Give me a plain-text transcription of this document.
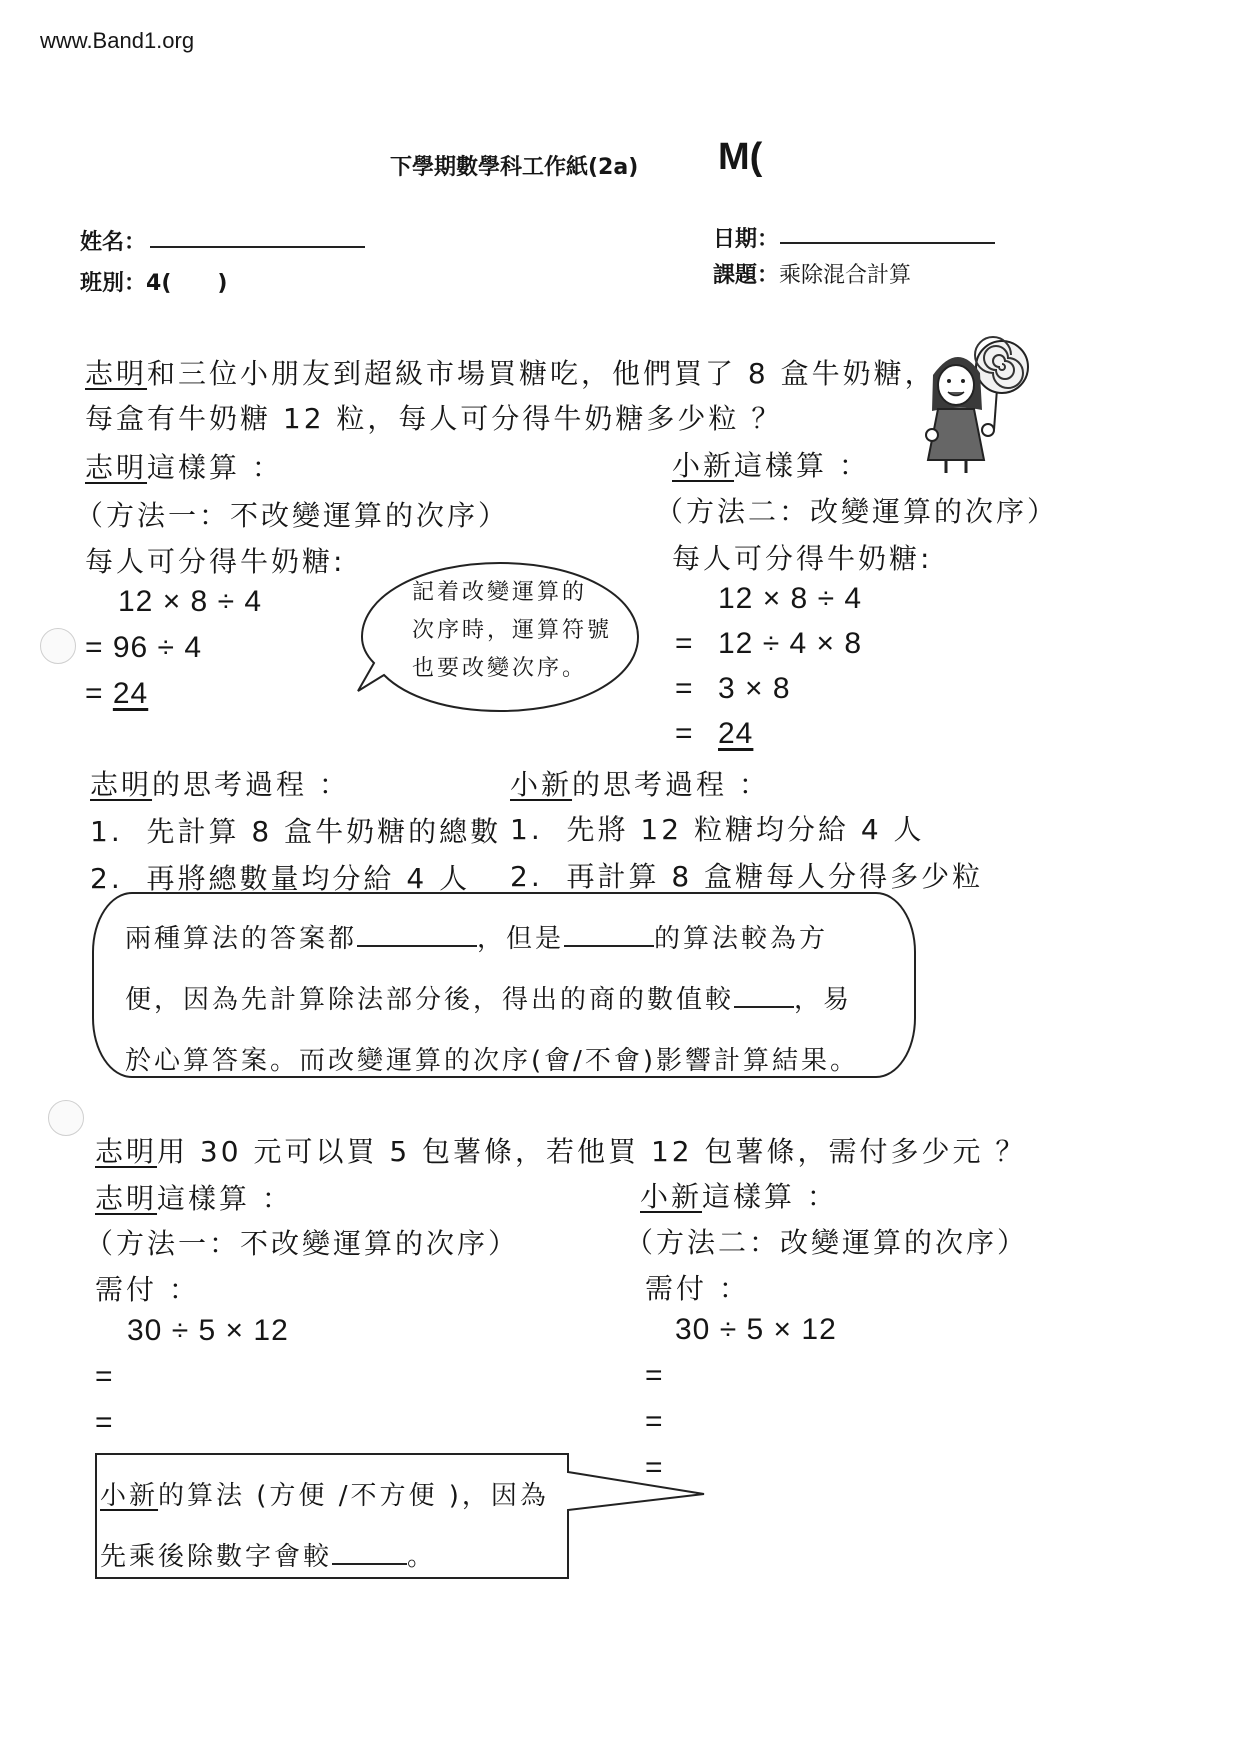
www.Band1.org
下學期數學科工作紙(2a) M(
姓名：
班別：4(      )
日期：
課題：乘除混合計算
志明和三位小朋友到超級市場買糖吃，他們買了 8 盒牛奶糖，
每盒有牛奶糖 12 粒，每人可分得牛奶糖多少粒 ？
志明這樣算 ：
（方法一：不改變運算的次序）
每人可分得牛奶糖:
12 × 8 ÷ 4
= 96 ÷ 4
= 24
記着改變運算的
次序時，運算符號
也要改變次序。
小新這樣算 ：
（方法二：改變運算的次序）
每人可分得牛奶糖:
12 × 8 ÷ 4
= 12 ÷ 4 × 8
= 3 × 8
= 24
志明的思考過程 ：
1.  先計算 8 盒牛奶糖的總數
2.  再將總數量均分給 4 人
小新的思考過程 ：
1.  先將 12 粒糖均分給 4 人
2.  再計算 8 盒糖每人分得多少粒
兩種算法的答案都	，但是	的算法較為方
便，因為先計算除法部分後，得出的商的數值較 ，易
於心算答案。而改變運算的次序(會/不會)影響計算結果。
志明用 30 元可以買 5 包薯條，若他買 12 包薯條，需付多少元 ？
志明這樣算 ：
（方法一：不改變運算的次序）
需付 ：
30 ÷ 5 × 12
=
=
小新這樣算 ：
（方法二：改變運算的次序）
需付 ：
30 ÷ 5 × 12
=
=
=
小新的算法 (方便 /不方便 )，因為
先乘後除數字會較	。
